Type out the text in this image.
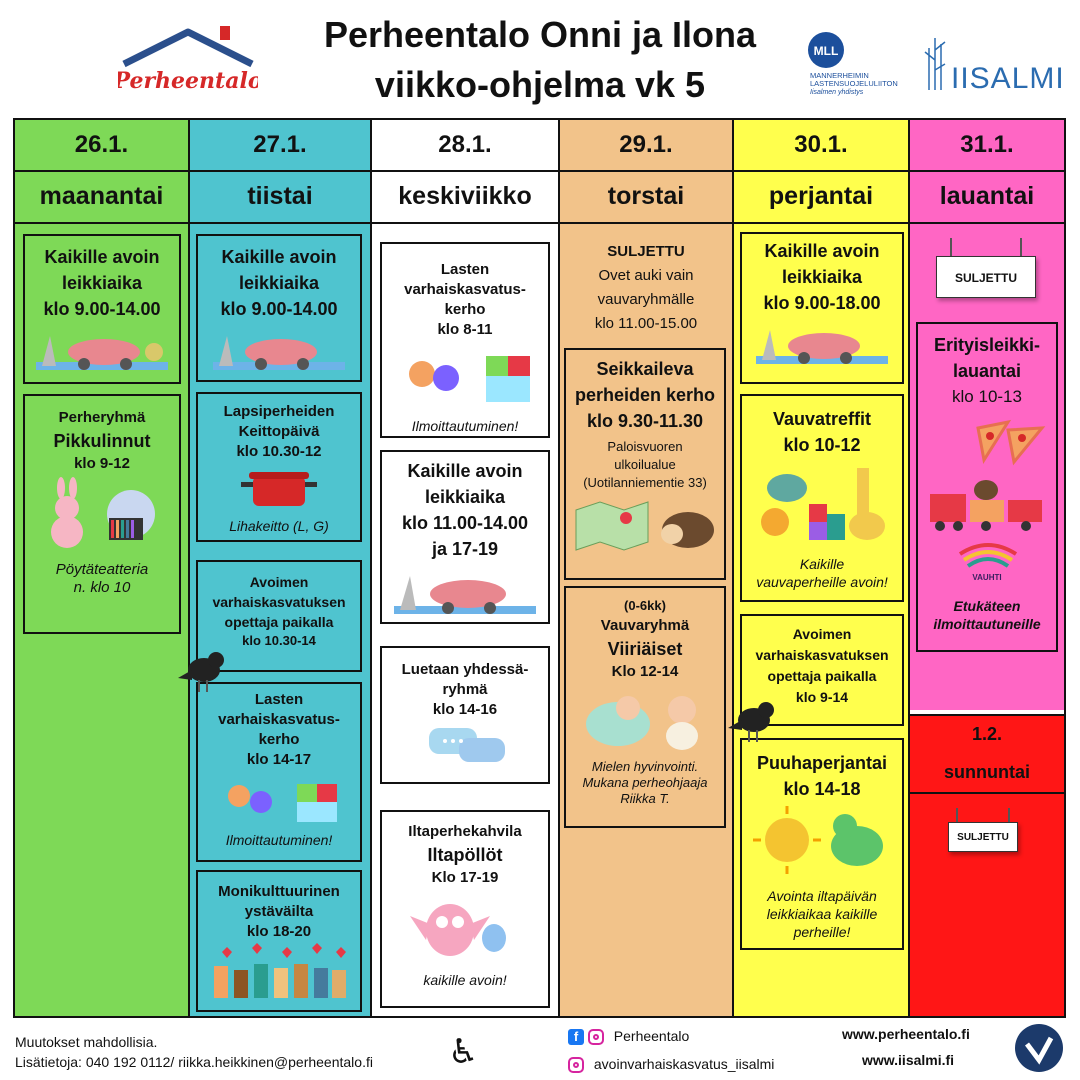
Perheentalo
Perheentalo Onni ja Ilona
viikko-ohjelma vk 5
MLL
MANNERHEIMIN
LASTENSUOJELULIITON
Iisalmen yhdistys	IISALMI
26.1.
maanantai
Kaikille avoin
leikkiaika
klo 9.00-14.00
Perheryhmä
Pikkulinnut
klo 9-12
Pöytäteatteria
n. klo 10
27.1.
tiistai
Kaikille avoin
leikkiaika
klo 9.00-14.00
Lapsiperheiden
Keittopäivä
klo 10.30-12
Lihakeitto (L, G)
Avoimen
varhaiskasvatuksen
opettaja paikalla
klo 10.30-14
Lasten
varhaiskasvatus-
kerho
klo 14-17
Ilmoittautuminen!
Monikulttuurinen
ystäväilta
klo 18-20
28.1.
keskiviikko
Lasten
varhaiskasvatus-
kerho
klo 8-11
Ilmoittautuminen!
Kaikille avoin
leikkiaika
klo 11.00-14.00
ja 17-19
Luetaan yhdessä-
ryhmä
klo 14-16
Iltaperhekahvila
Iltapöllöt
Klo 17-19
kaikille avoin!
29.1.
torstai
SULJETTU
Ovet auki vain
vauvaryhmälle
klo 11.00-15.00
Seikkaileva
perheiden kerho
klo 9.30-11.30
Paloisvuoren
ulkoilualue
(Uotilanniementie 33)
(0-6kk)
Vauvaryhmä
Viiriäiset
Klo 12-14
Mielen hyvinvointi.
Mukana perheohjaaja
Riikka T.
30.1.
perjantai
Kaikille avoin
leikkiaika
klo 9.00-18.00
Vauvatreffit
klo 10-12
Kaikille
vauvaperheille avoin!
Avoimen
varhaiskasvatuksen
opettaja paikalla
klo 9-14
Puuhaperjantai
klo 14-18
Avointa iltapäivän
leikkiaikaa kaikille
perheille!
31.1.
lauantai
SULJETTU
Erityisleikki-
lauantai
klo 10-13
VAUHTI
Etukäteen
ilmoittautuneille
1.2.
sunnuntai
SULJETTU
Muutokset mahdollisia.
Lisätietoja: 040 192 0112/ riikka.heikkinen@perheentalo.fi ♿	f	Perheentalo
avoinvarhaiskasvatus_iisalmi
www.perheentalo.fi
www.iisalmi.fi
